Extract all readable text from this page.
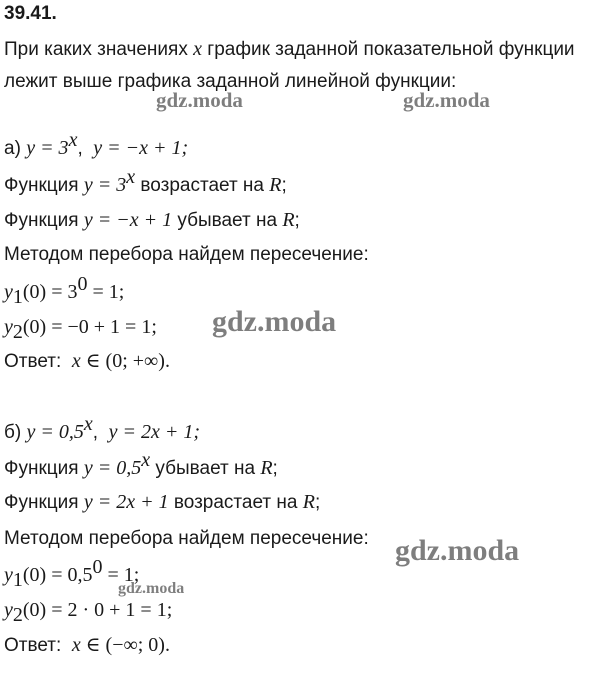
39.41.
При каких значениях x график заданной показательной функции
лежит выше графика заданной линейной функции:
а) $y = 3^x$,  y = −x + 1;
Функция $y = 3^x$ возрастает на R;
Функция y = −x + 1 убывает на R;
Методом перебора найдем пересечение:
$y_1(0) = 3^0 = 1$;
$y_2(0) = -0 + 1 = 1$;
Ответ:  x ∈ (0; +∞).
б) $y = 0,5^x$,  y = 2x + 1;
Функция $y = 0,5^x$ убывает на R;
Функция y = 2x + 1 возрастает на R;
Методом перебора найдем пересечение:
$y_1(0) = 0,5^0 = 1$;
$y_2(0) = 2 \cdot 0 + 1 = 1$;
Ответ:  x ∈ (−∞; 0).
gdz.moda	gdz.moda
gdz.moda
gdz.moda
gdz.moda
